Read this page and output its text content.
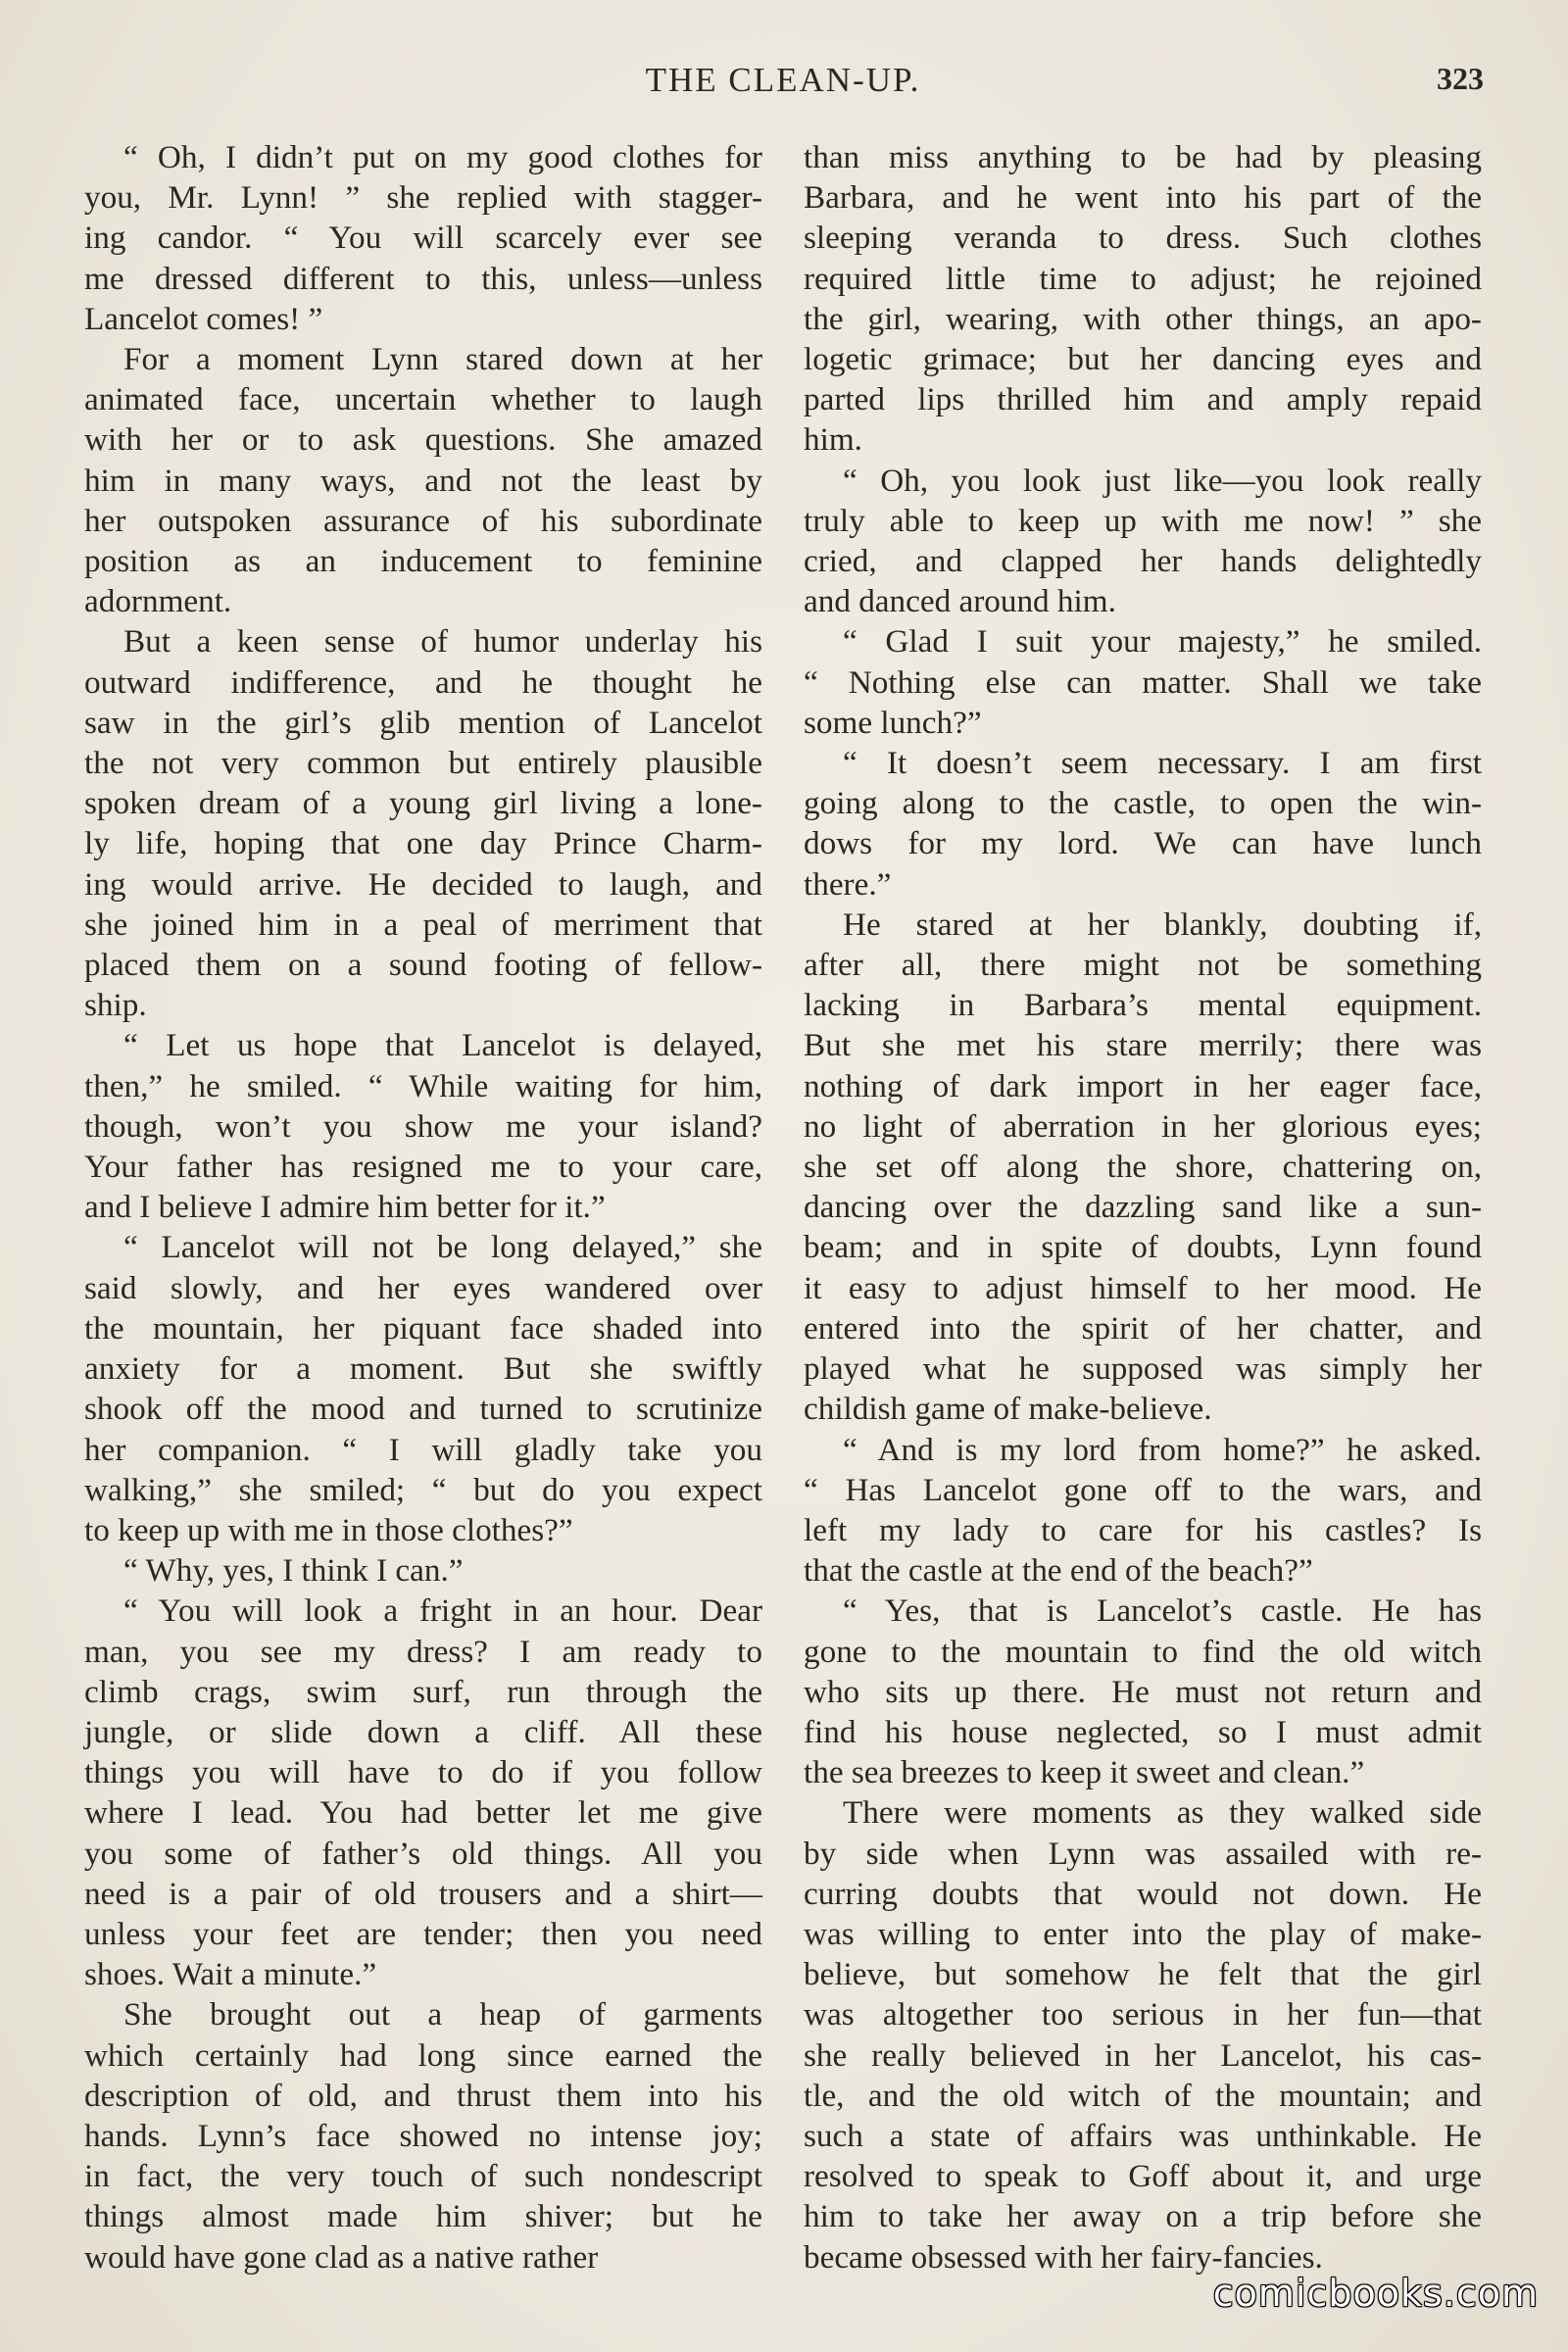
THE CLEAN-UP.	323

“ Oh, I didn’t put on my good clothes for
you, Mr. Lynn! ” she replied with stagger-
ing candor. “ You will scarcely ever see
me dressed different to this, unless—unless
Lancelot comes! ”

For a moment Lynn stared down at her
animated face, uncertain whether to laugh
with her or to ask questions. She amazed
him in many ways, and not the least by
her outspoken assurance of his subordinate
position as an inducement to feminine
adornment.

But a keen sense of humor underlay his
outward indifference, and he thought he
saw in the girl’s glib mention of Lancelot
the not very common but entirely plausible
spoken dream of a young girl living a lone-
ly life, hoping that one day Prince Charm-
ing would arrive. He decided to laugh, and
she joined him in a peal of merriment that
placed them on a sound footing of fellow-
ship.

“ Let us hope that Lancelot is delayed,
then,” he smiled. “ While waiting for him,
though, won’t you show me your island?
Your father has resigned me to your care,
and I believe I admire him better for it.”

“ Lancelot will not be long delayed,” she
said slowly, and her eyes wandered over
the mountain, her piquant face shaded into
anxiety for a moment. But she swiftly
shook off the mood and turned to scrutinize
her companion. “ I will gladly take you
walking,” she smiled; “ but do you expect
to keep up with me in those clothes?”

“ Why, yes, I think I can.”

“ You will look a fright in an hour. Dear
man, you see my dress? I am ready to
climb crags, swim surf, run through the
jungle, or slide down a cliff. All these
things you will have to do if you follow
where I lead. You had better let me give
you some of father’s old things. All you
need is a pair of old trousers and a shirt—
unless your feet are tender; then you need
shoes. Wait a minute.”

She brought out a heap of garments
which certainly had long since earned the
description of old, and thrust them into his
hands. Lynn’s face showed no intense joy;
in fact, the very touch of such nondescript
things almost made him shiver; but he
would have gone clad as a native rather

than miss anything to be had by pleasing
Barbara, and he went into his part of the
sleeping veranda to dress. Such clothes
required little time to adjust; he rejoined
the girl, wearing, with other things, an apo-
logetic grimace; but her dancing eyes and
parted lips thrilled him and amply repaid
him.

“ Oh, you look just like—you look really
truly able to keep up with me now! ” she
cried, and clapped her hands delightedly
and danced around him.

“ Glad I suit your majesty,” he smiled.
“ Nothing else can matter. Shall we take
some lunch?”

“ It doesn’t seem necessary. I am first
going along to the castle, to open the win-
dows for my lord. We can have lunch
there.”

He stared at her blankly, doubting if,
after all, there might not be something
lacking in Barbara’s mental equipment.
But she met his stare merrily; there was
nothing of dark import in her eager face,
no light of aberration in her glorious eyes;
she set off along the shore, chattering on,
dancing over the dazzling sand like a sun-
beam; and in spite of doubts, Lynn found
it easy to adjust himself to her mood. He
entered into the spirit of her chatter, and
played what he supposed was simply her
childish game of make-believe.

“ And is my lord from home?” he asked.
“ Has Lancelot gone off to the wars, and
left my lady to care for his castles? Is
that the castle at the end of the beach?”

“ Yes, that is Lancelot’s castle. He has
gone to the mountain to find the old witch
who sits up there. He must not return and
find his house neglected, so I must admit
the sea breezes to keep it sweet and clean.”

There were moments as they walked side
by side when Lynn was assailed with re-
curring doubts that would not down. He
was willing to enter into the play of make-
believe, but somehow he felt that the girl
was altogether too serious in her fun—that
she really believed in her Lancelot, his cas-
tle, and the old witch of the mountain; and
such a state of affairs was unthinkable. He
resolved to speak to Goff about it, and urge
him to take her away on a trip before she
became obsessed with her fairy-fancies.

comicbooks.com
